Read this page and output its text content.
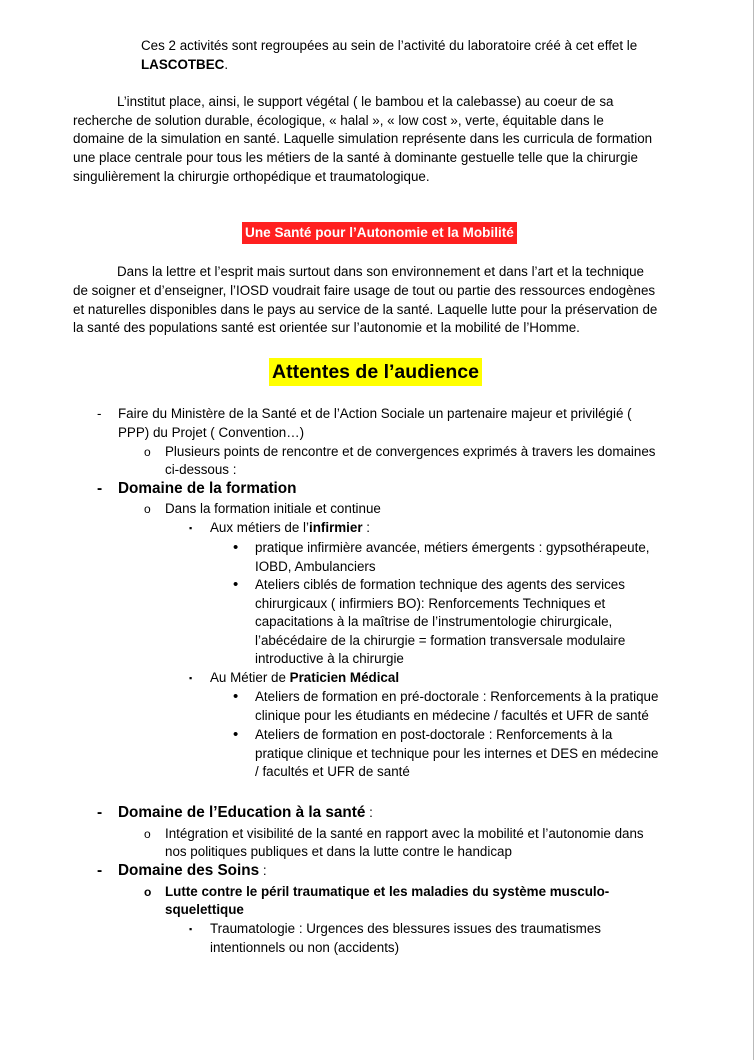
Ces 2 activités sont regroupées au sein de l’activité du laboratoire créé à cet effet le

LASCOTBEC.

L’institut place, ainsi, le support végétal ( le bambou et la calebasse) au coeur de sa

recherche de solution durable, écologique, « halal », « low cost », verte, équitable dans le

domaine de la simulation en santé. Laquelle simulation représente dans les curricula de formation

une place centrale pour tous les métiers de la santé à dominante gestuelle telle que la chirurgie

singulièrement la chirurgie orthopédique et traumatologique.

Une Santé pour l’Autonomie et la Mobilité

Dans la lettre et l’esprit mais surtout dans son environnement et dans l’art et la technique

de soigner et d’enseigner, l’IOSD voudrait faire usage de tout ou partie des ressources endogènes

et naturelles disponibles dans le pays au service de la santé. Laquelle lutte pour la préservation de

la santé des populations santé est orientée sur l’autonomie et la mobilité de l’Homme.

Attentes de l’audience
-	Faire du Ministère de la Santé et de l’Action Sociale un partenaire majeur et privilégié (

PPP) du Projet ( Convention…)

o Plusieurs points de rencontre et de convergences exprimés à travers les domaines

ci-dessous :

-	Domaine de la formation

o Dans la formation initiale et continue

▪ Aux métiers de l’infirmier :

• pratique infirmière avancée, métiers émergents : gypsothérapeute,

IOBD, Ambulanciers

• Ateliers ciblés de formation technique des agents des services

chirurgicaux ( infirmiers BO): Renforcements Techniques et

capacitations à la maîtrise de l’instrumentologie chirurgicale,

l’abécédaire de la chirurgie = formation transversale modulaire

introductive à la chirurgie

▪ Au Métier de Praticien Médical

• Ateliers de formation en pré-doctorale : Renforcements à la pratique

clinique pour les étudiants en médecine / facultés et UFR de santé

• Ateliers de formation en post-doctorale : Renforcements à la

pratique clinique et technique pour les internes et DES en médecine

/ facultés et UFR de santé

-	Domaine de l’Education à la santé :

o Intégration et visibilité de la santé en rapport avec la mobilité et l’autonomie dans

nos politiques publiques et dans la lutte contre le handicap

-	Domaine des Soins :

o Lutte contre le péril traumatique et les maladies du système musculo-

squelettique

▪ Traumatologie : Urgences des blessures issues des traumatismes

intentionnels ou non (accidents)
